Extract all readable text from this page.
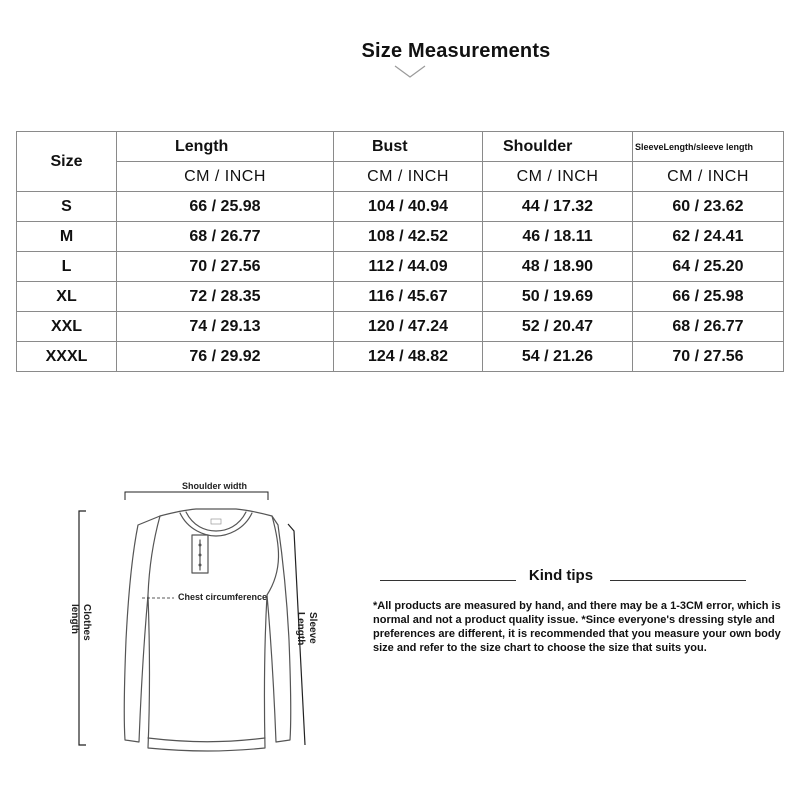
Size Measurements
Size	Length	Bust	Shoulder	SleeveLength/sleeve length
	CM / INCH	CM / INCH	CM / INCH	CM / INCH
S	66 / 25.98	104 / 40.94	44 / 17.32	60 / 23.62
M	68 / 26.77	108 / 42.52	46 / 18.11	62 / 24.41
L	70 / 27.56	112 / 44.09	48 / 18.90	64 / 25.20
XL	72 / 28.35	116 / 45.67	50 / 19.69	66 / 25.98
XXL	74 / 29.13	120 / 47.24	52 / 20.47	68 / 26.77
XXXL	76 / 29.92	124 / 48.82	54 / 21.26	70 / 27.56
Shoulder width
Chest circumference
Clothes
length	Sleeve
Length
Kind tips
*All products are measured by hand, and there may be a 1-3CM error, which is normal and not a product quality issue. *Since everyone's dressing style and preferences are different, it is recommended that you measure your own body size and refer to the size chart to choose the size that suits you.
